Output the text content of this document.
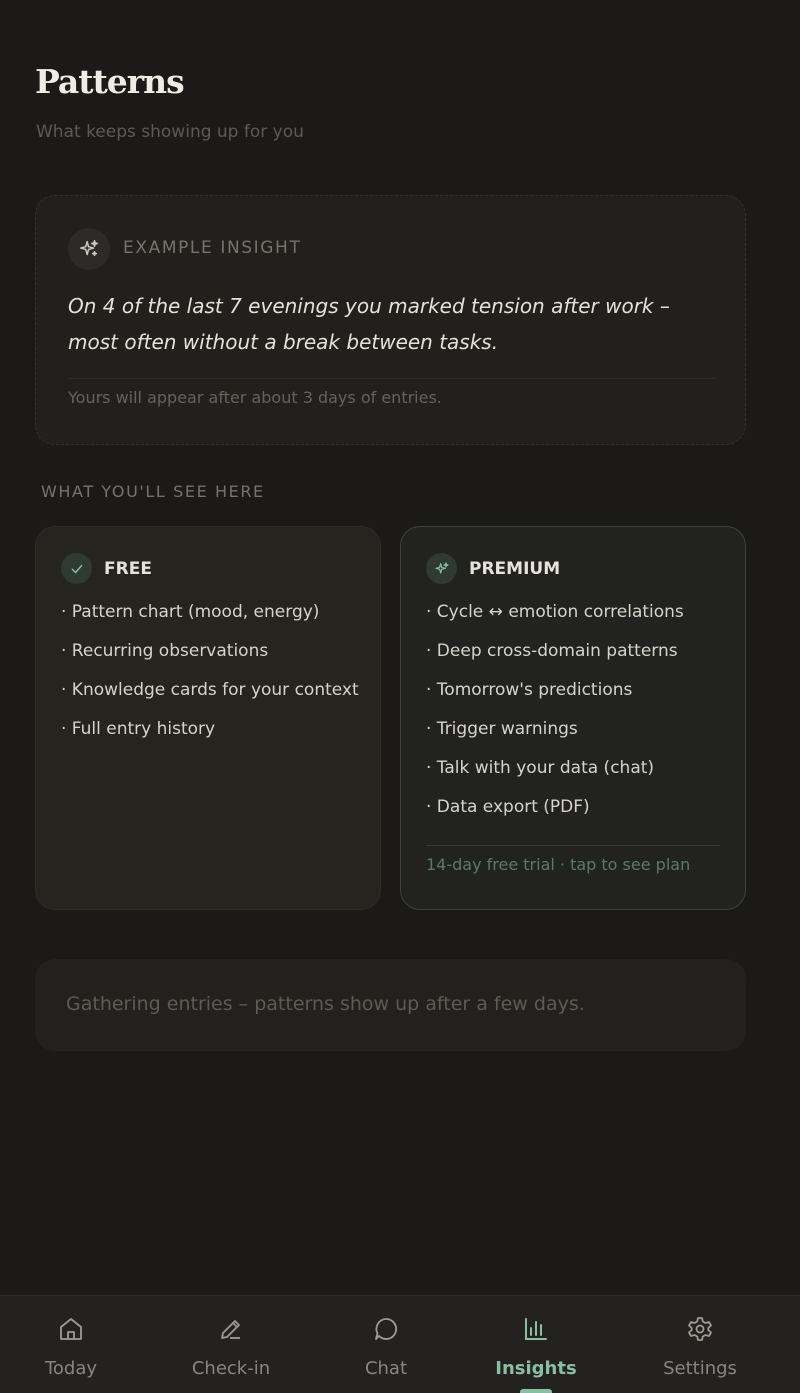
Patterns

What keeps showing up for you

EXAMPLE INSIGHT

On 4 of the last 7 evenings you marked tension after work – most often without a break between tasks.

Yours will appear after about 3 days of entries.

WHAT YOU'LL SEE HERE
FREE
· Pattern chart (mood, energy)
· Recurring observations
· Knowledge cards for your context
· Full entry history
PREMIUM
· Cycle ↔ emotion correlations
· Deep cross-domain patterns
· Tomorrow's predictions
· Trigger warnings
· Talk with your data (chat)
· Data export (PDF)
14-day free trial · tap to see plan

Gathering entries – patterns show up after a few days.

Today	Check-in	Chat	Insights	Settings
